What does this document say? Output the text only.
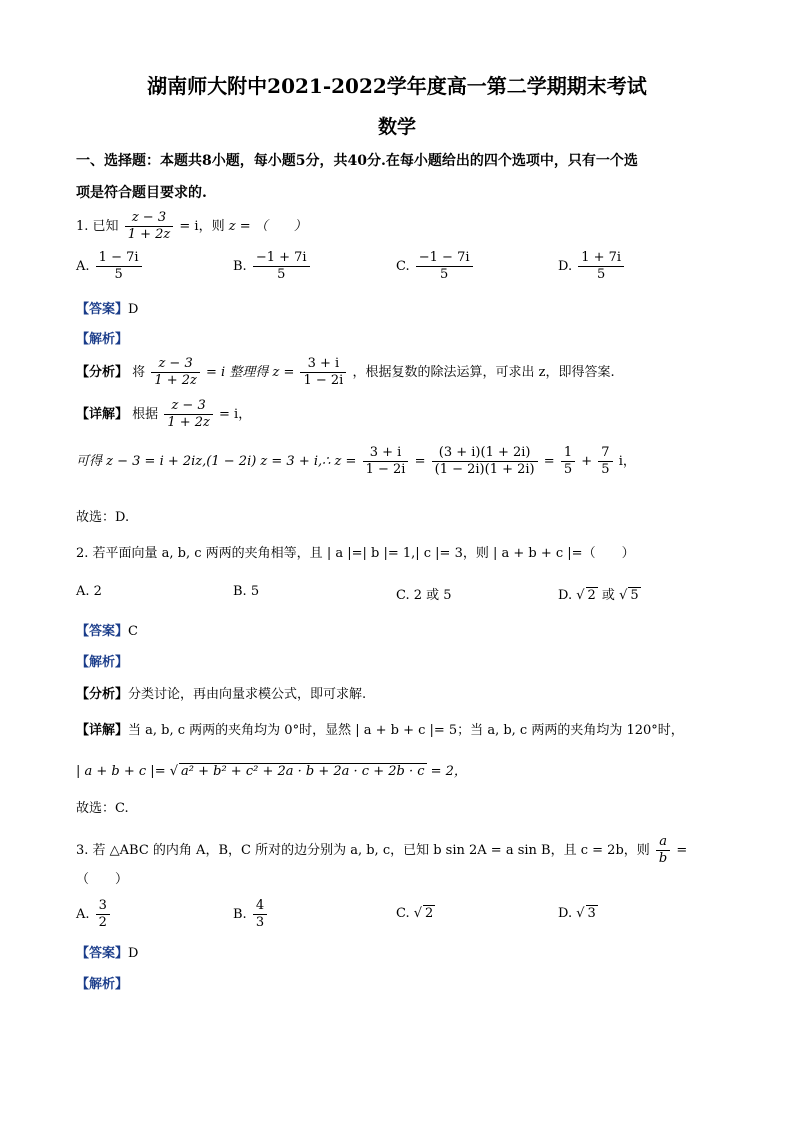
湖南师大附中2021-2022学年度高一第二学期期末考试
数学
一、选择题：本题共8小题，每小题5分，共40分.在每小题给出的四个选项中，只有一个选
项是符合题目要求的.
1. 已知 $\frac{z - 3}{1 + 2z} = i$，则 z = （　　）
A. $\frac{1 - 7i}{5}$	B. $\frac{-1 + 7i}{5}$	C. $\frac{-1 - 7i}{5}$	D. $\frac{1 + 7i}{5}$
【答案】D
【解析】
【分析】 将 $\frac{z - 3}{1 + 2z} = i$ 整理得 $z = \frac{3 + i}{1 - 2i}$ ，根据复数的除法运算，可求出 z，即得答案.
【详解】 根据 $\frac{z - 3}{1 + 2z} = i$，
可得 z − 3 = i + 2iz,(1 − 2i) z = 3 + i,∴ $z = \frac{3 + i}{1 - 2i} = \frac{(3 + i)(1 + 2i)}{(1 - 2i)(1 + 2i)} = \frac{1}{5} + \frac{7}{5}$ i，
故选：D.
2. 若平面向量 a, b, c 两两的夹角相等，且 | a |=| b |= 1,| c |= 3，则 | a + b + c |=（　　）
A. 2	B. 5	C. 2 或 5	D. √ 2 或 √ 5
【答案】C
【解析】
【分析】分类讨论，再由向量求模公式，即可求解.
【详解】当 a, b, c 两两的夹角均为 0°时，显然 | a + b + c |= 5；当 a, b, c 两两的夹角均为 120°时，
| a + b + c |= √ a² + b² + c² + 2a · b + 2a · c + 2b · c = 2，
故选：C.
3. 若 △ABC 的内角 A，B，C 所对的边分别为 a, b, c，已知 b sin 2A = a sin B，且 c = 2b，则 $\frac{a}{b}$ =
（　　）
A. $\frac{3}{2}$	B. $\frac{4}{3}$	C. √ 2	D. √ 3
【答案】D
【解析】
